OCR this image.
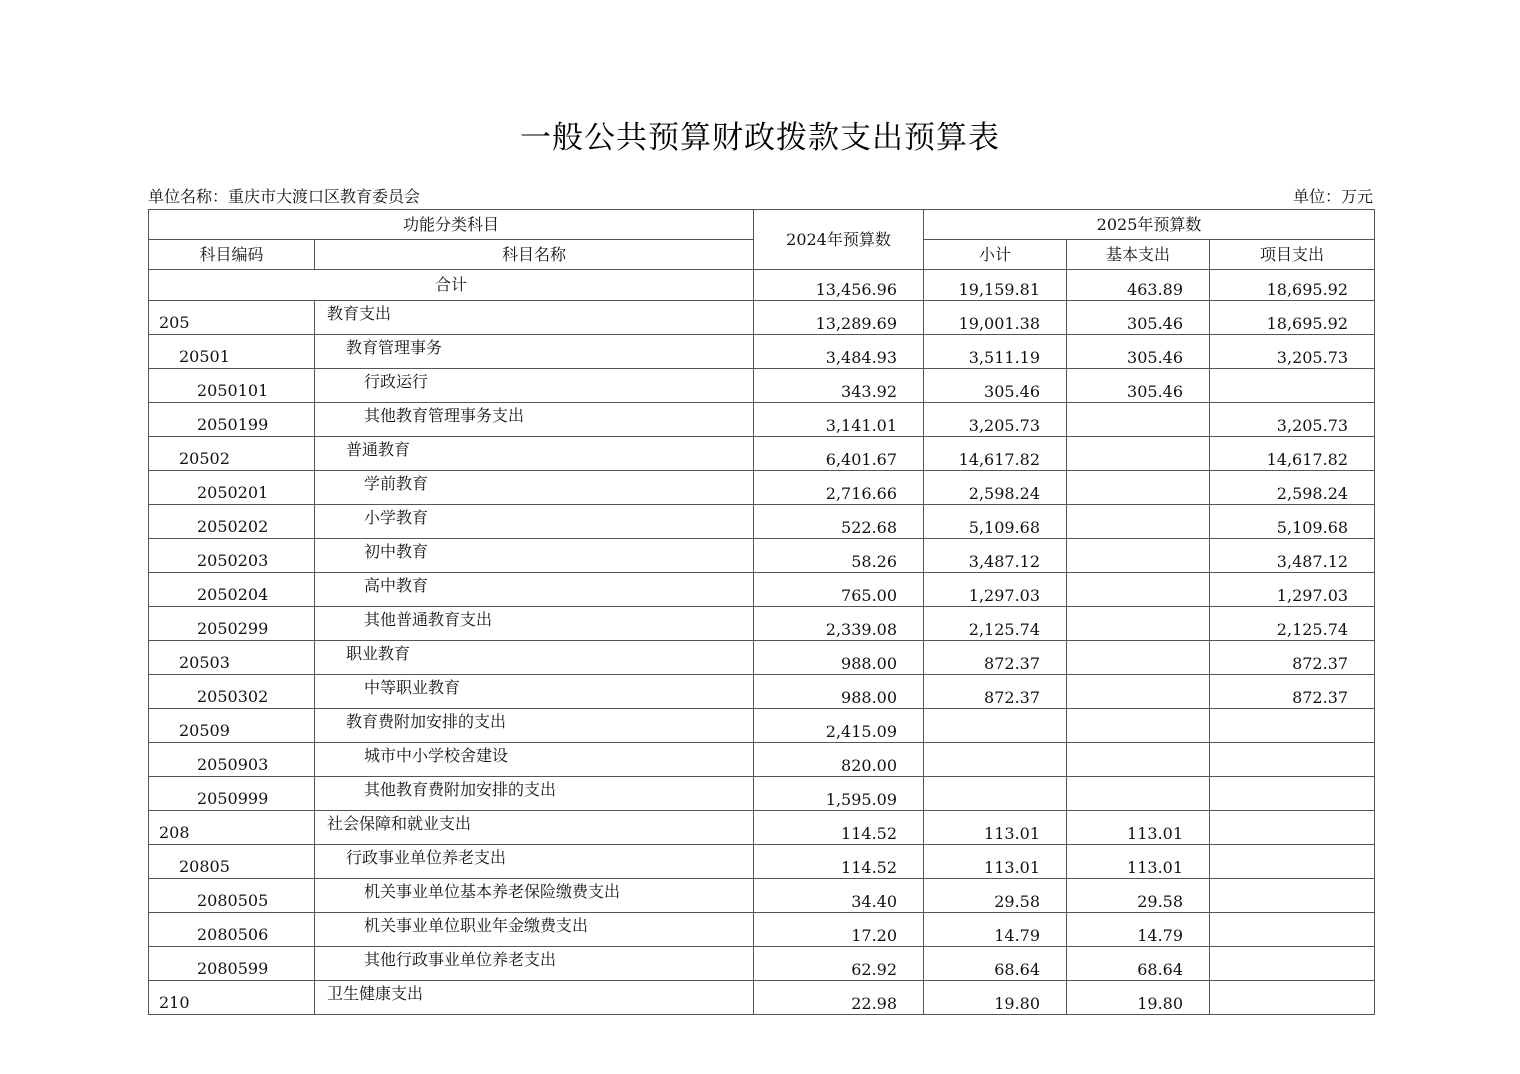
一般公共预算财政拨款支出预算表
单位名称：重庆市大渡口区教育委员会	单位：万元
功能分类科目		2024年预算数	2025年预算数		
科目编码	科目名称		小计	基本支出	项目支出
合计		13,456.96	19,159.81	463.89	18,695.92
205	教育支出	13,289.69	19,001.38	305.46	18,695.92
20501	教育管理事务	3,484.93	3,511.19	305.46	3,205.73
2050101	行政运行	343.92	305.46	305.46	
2050199	其他教育管理事务支出	3,141.01	3,205.73		3,205.73
20502	普通教育	6,401.67	14,617.82		14,617.82
2050201	学前教育	2,716.66	2,598.24		2,598.24
2050202	小学教育	522.68	5,109.68		5,109.68
2050203	初中教育	58.26	3,487.12		3,487.12
2050204	高中教育	765.00	1,297.03		1,297.03
2050299	其他普通教育支出	2,339.08	2,125.74		2,125.74
20503	职业教育	988.00	872.37		872.37
2050302	中等职业教育	988.00	872.37		872.37
20509	教育费附加安排的支出	2,415.09			
2050903	城市中小学校舍建设	820.00			
2050999	其他教育费附加安排的支出	1,595.09			
208	社会保障和就业支出	114.52	113.01	113.01	
20805	行政事业单位养老支出	114.52	113.01	113.01	
2080505	机关事业单位基本养老保险缴费支出	34.40	29.58	29.58	
2080506	机关事业单位职业年金缴费支出	17.20	14.79	14.79	
2080599	其他行政事业单位养老支出	62.92	68.64	68.64	
210	卫生健康支出	22.98	19.80	19.80	
